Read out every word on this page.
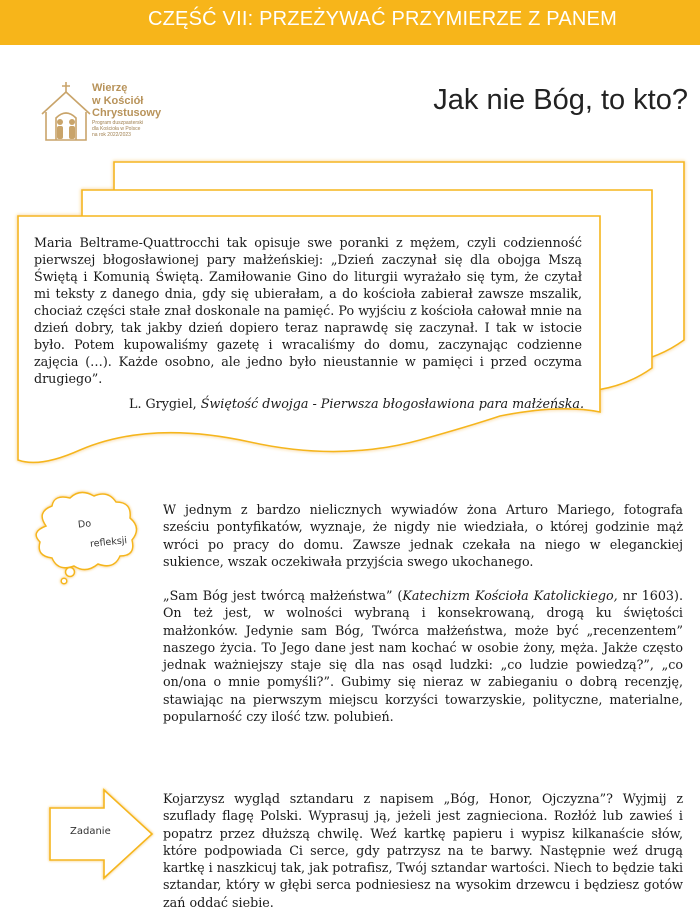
CZĘŚĆ VII: PRZEŻYWAĆ PRZYMIERZE Z PANEM
Wierzę
w Kościół
Chrystusowy
Program duszpasterski
dla Kościoła w Polsce
na rok 2022/2023
Jak nie Bóg, to kto?
Maria Beltrame-Quattrocchi tak opisuje swe poranki z mężem, czyli codzienność pierwszej błogosławionej pary małżeńskiej: „Dzień zaczynał się dla obojga Mszą Świętą i Komunią Świętą. Zamiłowanie Gino do liturgii wyrażało się tym, że czytał mi teksty z danego dnia, gdy się ubierałam, a do kościoła zabierał zawsze mszalik, chociaż części stałe znał doskonale na pamięć. Po wyjściu z kościoła całował mnie na dzień dobry, tak jakby dzień dopiero teraz naprawdę się zaczynał. I tak w istocie było. Potem kupowaliśmy gazetę i wracaliśmy do domu, zaczynając codzienne zajęcia (…). Każde osobno, ale jedno było nieustannie w pamięci i przed oczyma drugiego”.
L. Grygiel, Świętość dwojga - Pierwsza błogosławiona para małżeńska.
Do
refleksji

W jednym z bardzo nielicznych wywiadów żona Arturo Mariego, fotografa sześciu pontyfikatów, wyznaje, że nigdy nie wiedziała, o której godzinie mąż wróci po pracy do domu. Zawsze jednak czekała na niego w eleganckiej sukience, wszak oczekiwała przyjścia swego ukochanego.

„Sam Bóg jest twórcą małżeństwa” (Katechizm Kościoła Katolickiego, nr 1603). On też jest, w wolności wybraną i konsekrowaną, drogą ku świętości małżonków. Jedynie sam Bóg, Twórca małżeństwa, może być „recenzentem” naszego życia. To Jego dane jest nam kochać w osobie żony, męża. Jakże często jednak ważniejszy staje się dla nas osąd ludzki: „co ludzie powiedzą?”, „co on/ona o mnie pomyśli?”. Gubimy się nieraz w zabieganiu o dobrą recenzję, stawiając na pierwszym miejscu korzyści towarzyskie, polityczne, materialne, popularność czy ilość tzw. polubień.

Zadanie

Kojarzysz wygląd sztandaru z napisem „Bóg, Honor, Ojczyzna”? Wyjmij z szuflady flagę Polski. Wyprasuj ją, jeżeli jest zagnieciona. Rozłóż lub zawieś i popatrz przez dłuższą chwilę. Weź kartkę papieru i wypisz kilkanaście słów, które podpowiada Ci serce, gdy patrzysz na te barwy. Następnie weź drugą kartkę i naszkicuj tak, jak potrafisz, Twój sztandar wartości. Niech to będzie taki sztandar, który w głębi serca podniesiesz na wysokim drzewcu i będziesz gotów zań oddać siebie.
